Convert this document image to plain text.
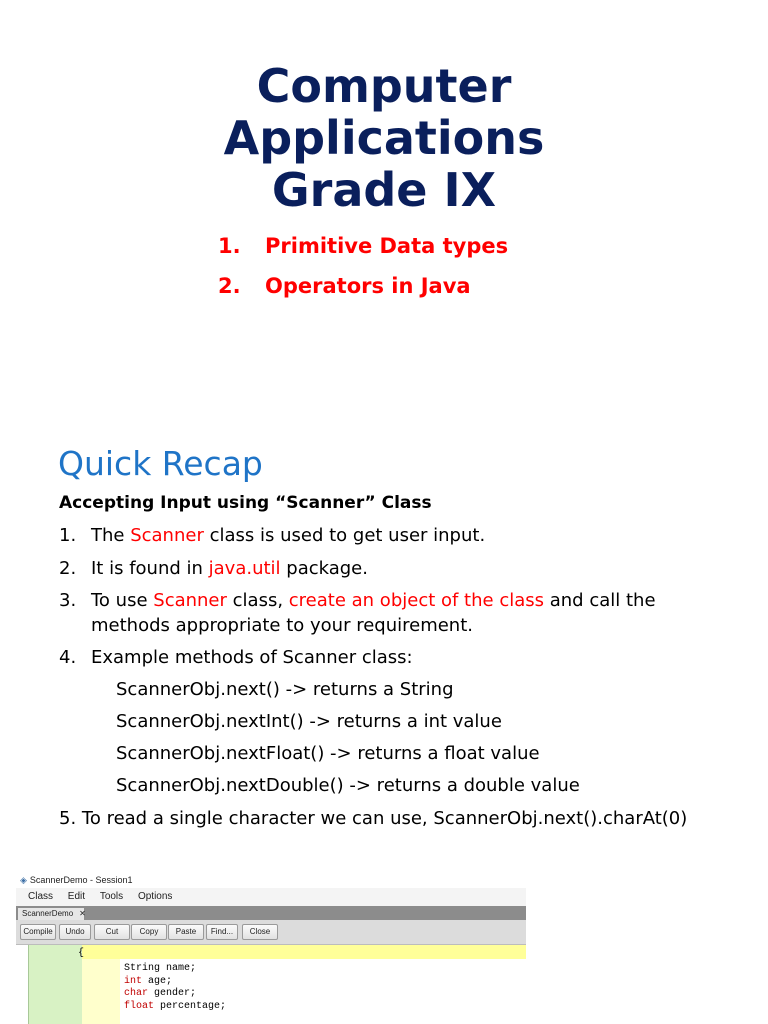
Computer
Applications
Grade IX
1. Primitive Data types
2. Operators in Java
Quick Recap
Accepting Input using “Scanner” Class
1. The Scanner class is used to get user input.
2. It is found in java.util package.
3. To use Scanner class, create an object of the class and call the
methods appropriate to your requirement.
4. Example methods of Scanner class:
ScannerObj.next() -> returns a String
ScannerObj.nextInt() -> returns a int value
ScannerObj.nextFloat() -> returns a float value
ScannerObj.nextDouble() -> returns a double value
5. To read a single character we can use, ScannerObj.next().charAt(0)
◈ ScannerDemo - Session1
Class Edit Tools Options
ScannerDemo ✕
Compile	Undo	Cut	Copy	Paste	Find...	Close
{
String name;
int age;
char gender;
float percentage;
